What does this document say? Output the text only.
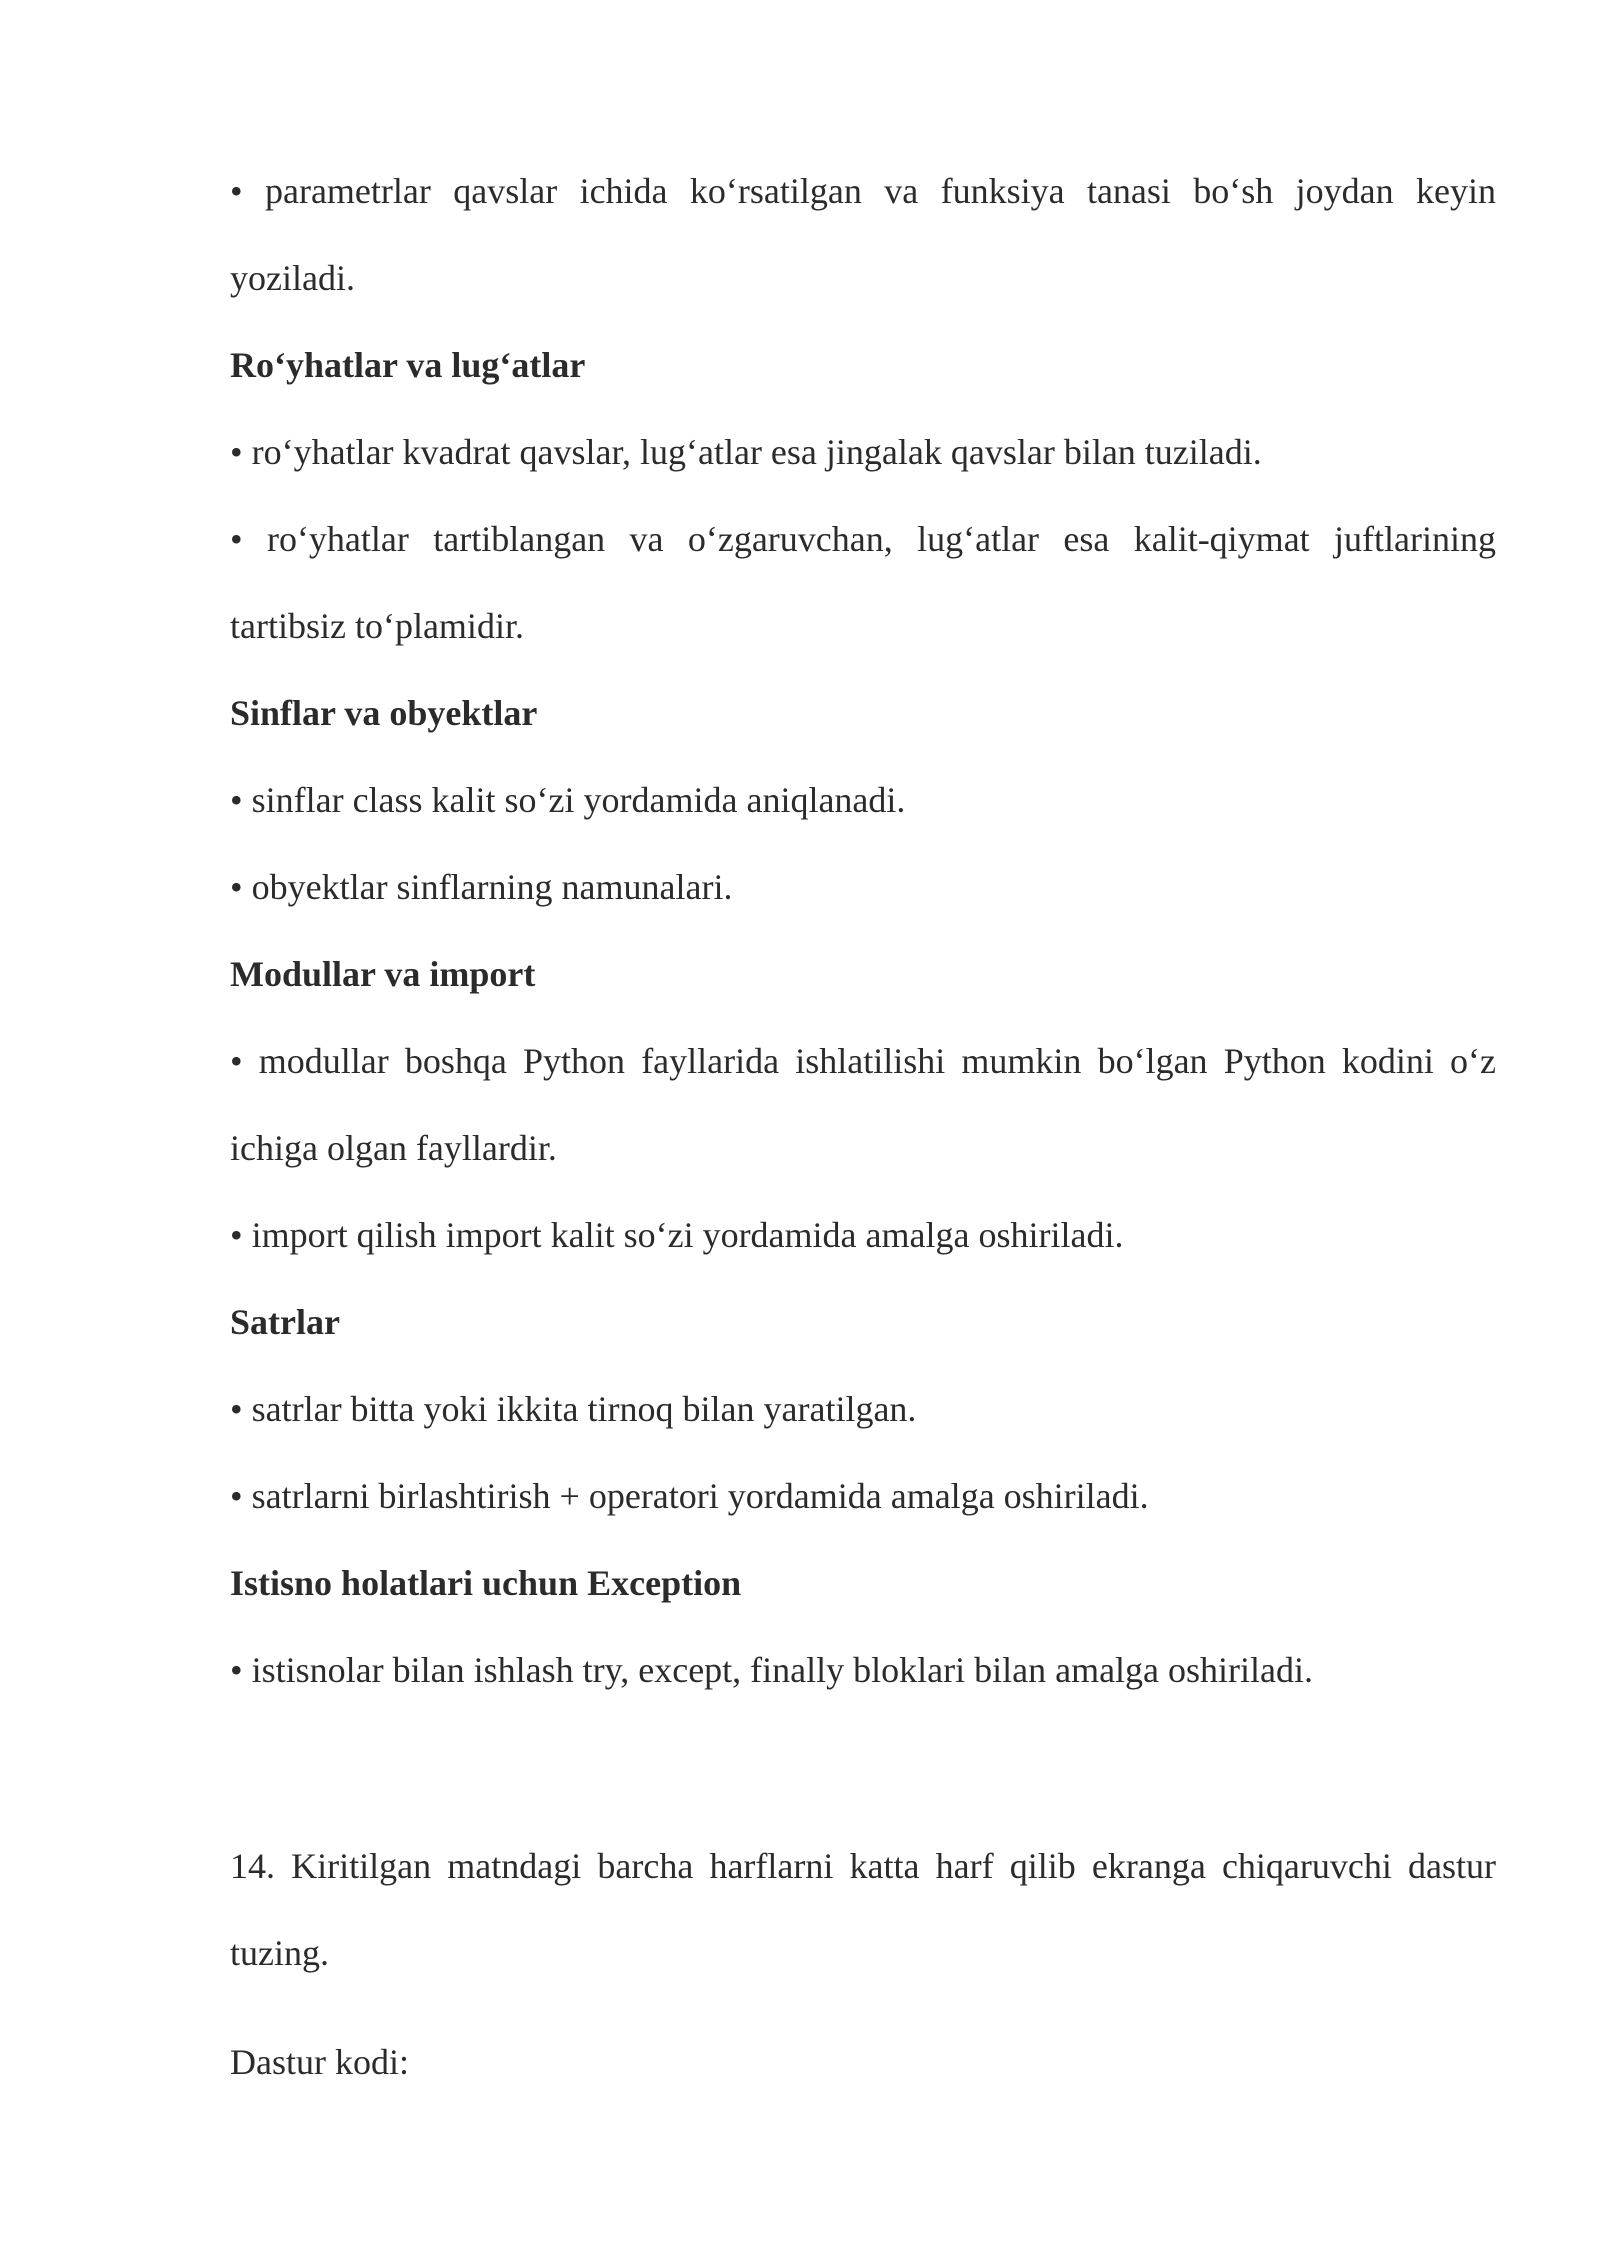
• parametrlar qavslar ichida koʻrsatilgan va funksiya tanasi boʻsh joydan keyin yoziladi.

Roʻyhatlar va lugʻatlar

• roʻyhatlar kvadrat qavslar, lugʻatlar esa jingalak qavslar bilan tuziladi.

• roʻyhatlar tartiblangan va oʻzgaruvchan, lugʻatlar esa kalit-qiymat juftlarining tartibsiz toʻplamidir.

Sinflar va obyektlar

• sinflar class kalit soʻzi yordamida aniqlanadi.

• obyektlar sinflarning namunalari.

Modullar va import

• modullar boshqa Python fayllarida ishlatilishi mumkin boʻlgan Python kodini oʻz ichiga olgan fayllardir.

• import qilish import kalit soʻzi yordamida amalga oshiriladi.

Satrlar

• satrlar bitta yoki ikkita tirnoq bilan yaratilgan.

• satrlarni birlashtirish + operatori yordamida amalga oshiriladi.

Istisno holatlari uchun Exception

• istisnolar bilan ishlash try, except, finally bloklari bilan amalga oshiriladi.

14. Kiritilgan matndagi barcha harflarni katta harf qilib ekranga chiqaruvchi dastur tuzing.

Dastur kodi:
